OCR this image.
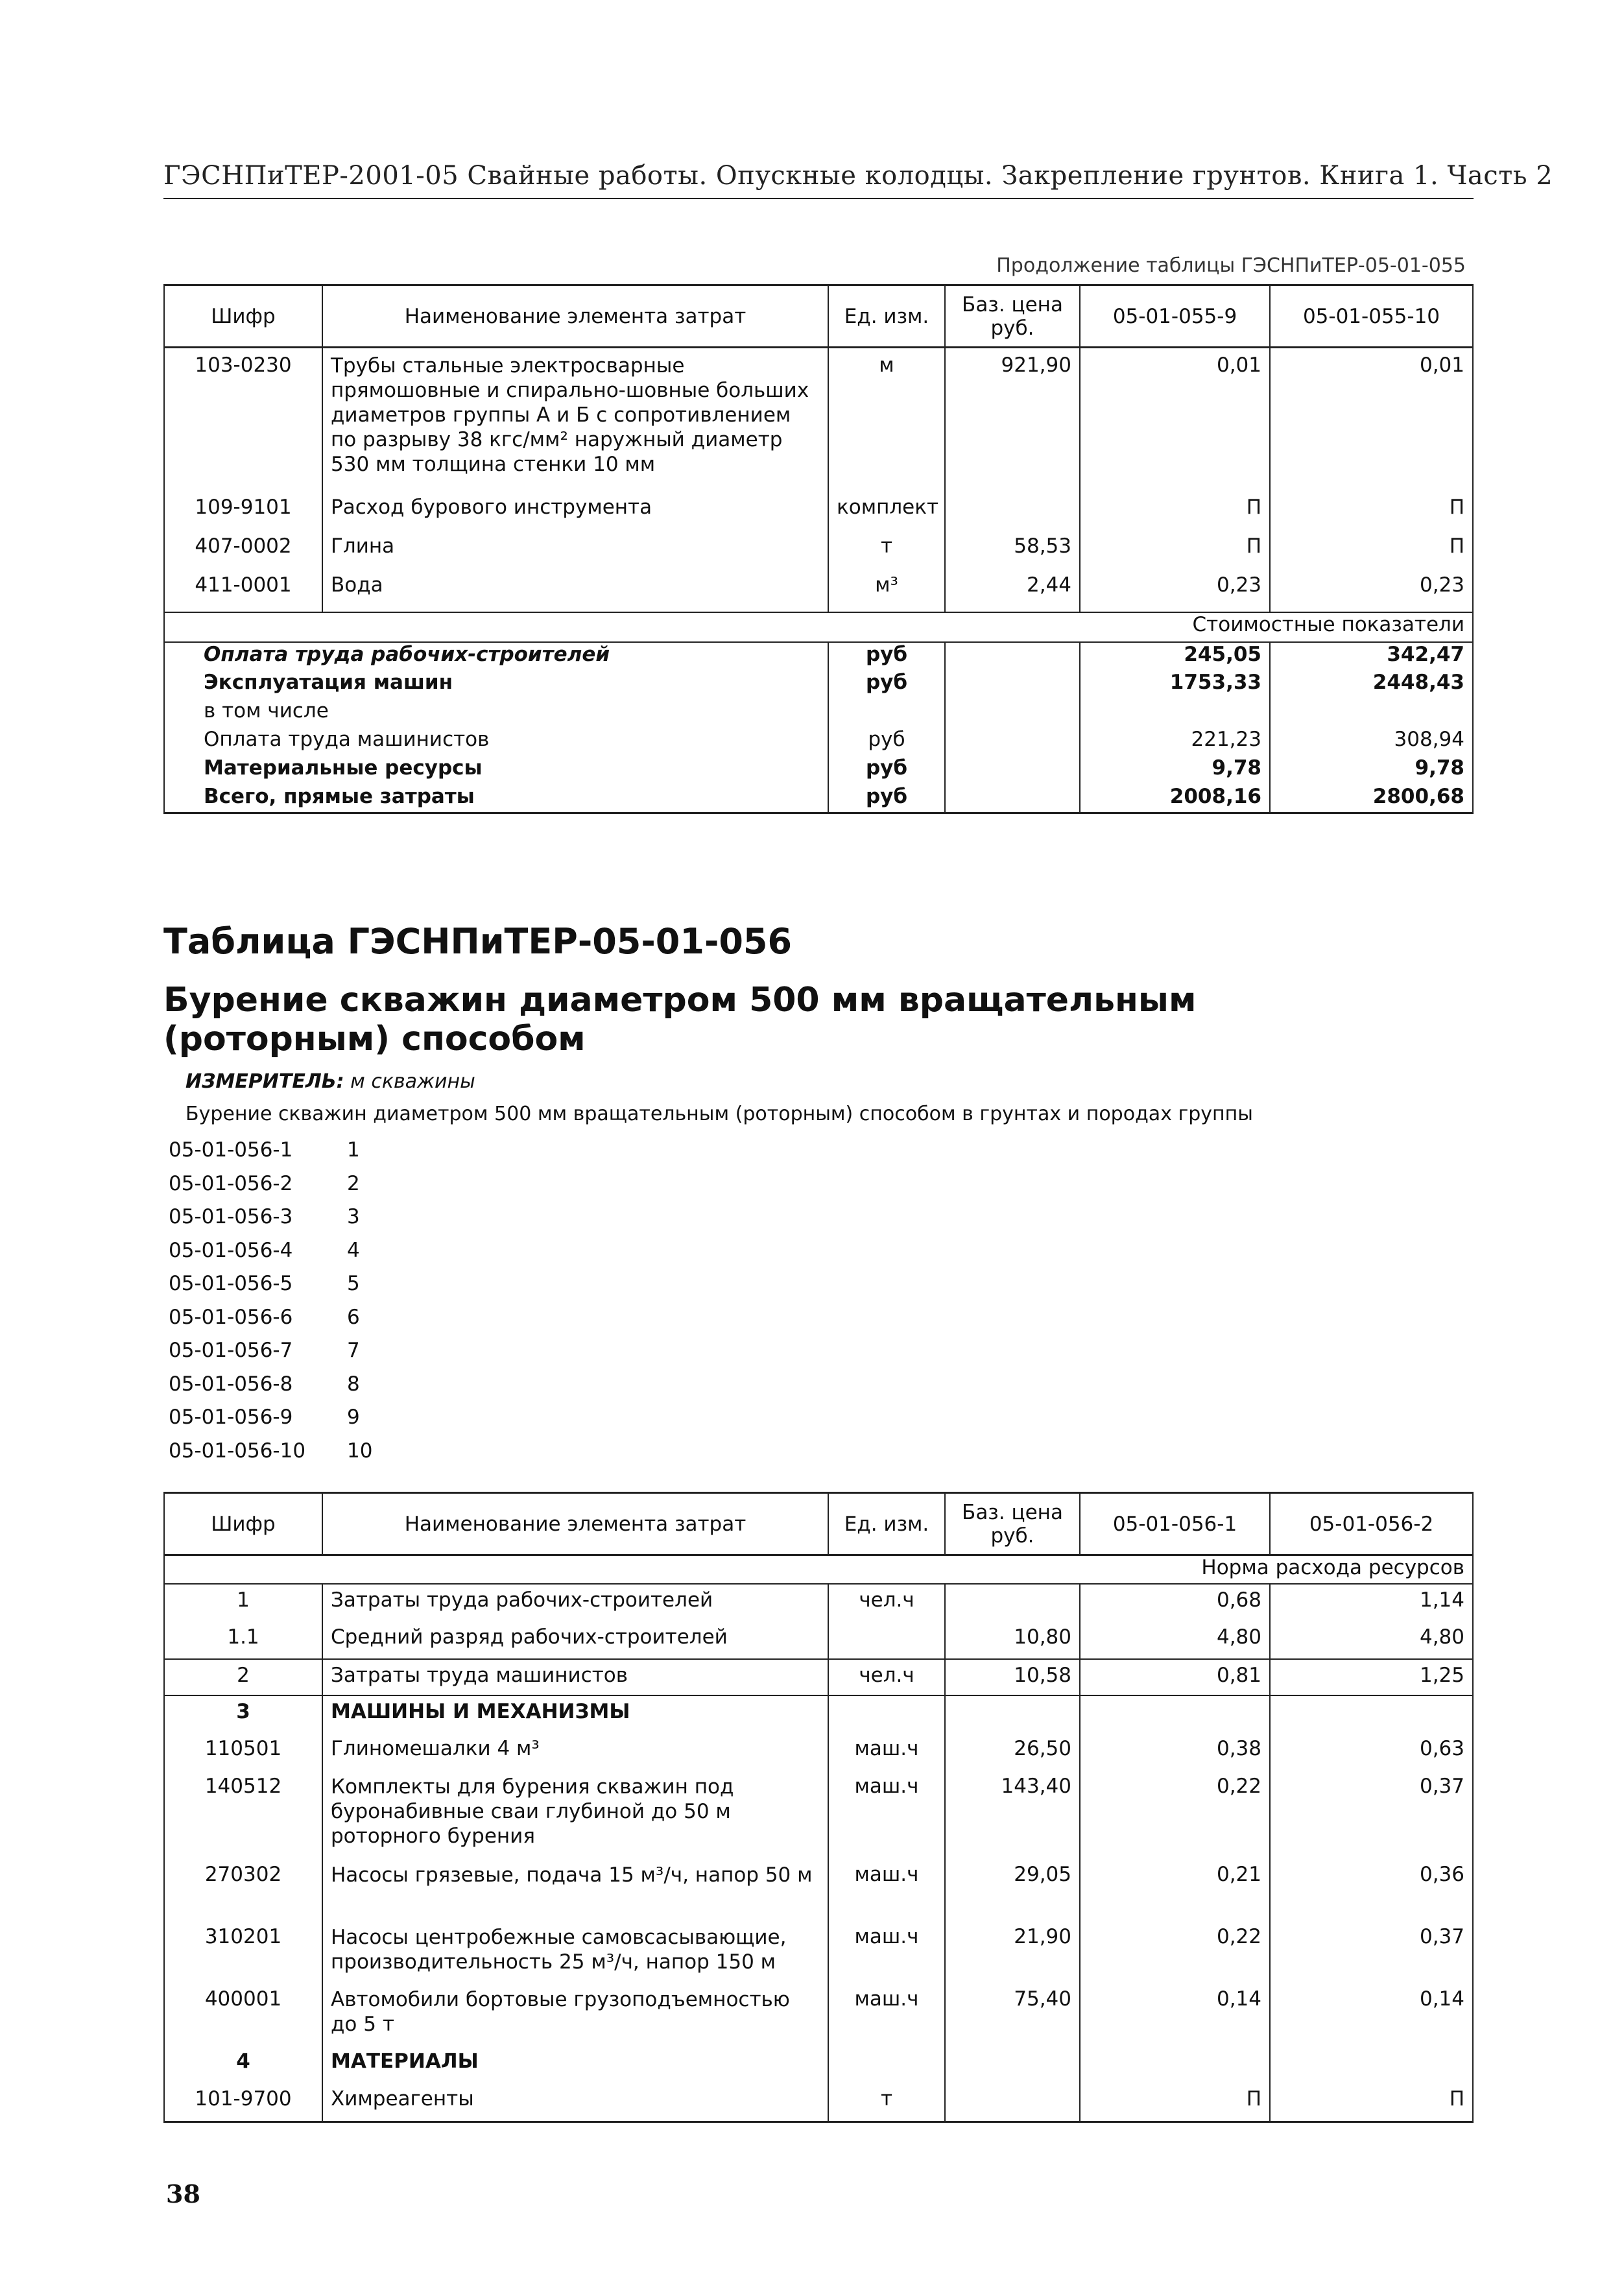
ГЭСНПиТЕР-2001-05 Свайные работы. Опускные колодцы. Закрепление грунтов. Книга 1. Часть 2
Продолжение таблицы ГЭСНПиТЕР-05-01-055
Шифр	Наименование элемента затрат	Ед. изм.	Баз. цена руб.	05-01-055-9	05-01-055-10
103-0230	Трубы стальные электросварные прямошовные и спирально-шовные больших диаметров группы А и Б с сопротивлением по разрыву 38 кгс/мм² наружный диаметр 530 мм толщина стенки 10 мм	м	921,90	0,01	0,01
109-9101	Расход бурового инструмента	комплект		П	П
407-0002	Глина	т	58,53	П	П
411-0001	Вода	м³	2,44	0,23	0,23
Стоимостные показатели					
Оплата труда рабочих-строителей		руб		245,05	342,47
Эксплуатация машин		руб		1753,33	2448,43
в том числе					
Оплата труда машинистов		руб		221,23	308,94
Материальные ресурсы		руб		9,78	9,78
Всего, прямые затраты		руб		2008,16	2800,68
Таблица ГЭСНПиТЕР-05-01-056
Бурение скважин диаметром 500 мм вращательным (роторным) способом
ИЗМЕРИТЕЛЬ: м скважины
Бурение скважин диаметром 500 мм вращательным (роторным) способом в грунтах и породах группы
05-01-056-1	1
05-01-056-2	2
05-01-056-3	3
05-01-056-4	4
05-01-056-5	5
05-01-056-6	6
05-01-056-7	7
05-01-056-8	8
05-01-056-9	9
05-01-056-10 10
Шифр	Наименование элемента затрат	Ед. изм.	Баз. цена руб.	05-01-056-1	05-01-056-2
Норма расхода ресурсов					
1	Затраты труда рабочих-строителей	чел.ч		0,68	1,14
1.1	Средний разряд рабочих-строителей		10,80	4,80	4,80
2	Затраты труда машинистов	чел.ч	10,58	0,81	1,25
3	МАШИНЫ И МЕХАНИЗМЫ				
110501	Глиномешалки 4 м³	маш.ч	26,50	0,38	0,63
140512	Комплекты для бурения скважин под буронабивные сваи глубиной до 50 м роторного бурения	маш.ч	143,40	0,22	0,37
270302	Насосы грязевые, подача 15 м³/ч, напор 50 м	маш.ч	29,05	0,21	0,36
310201	Насосы центробежные самовсасывающие, производительность 25 м³/ч, напор 150 м	маш.ч	21,90	0,22	0,37
400001	Автомобили бортовые грузоподъемностью до 5 т	маш.ч	75,40	0,14	0,14
4	МАТЕРИАЛЫ				
101-9700	Химреагенты	т		П	П
38
